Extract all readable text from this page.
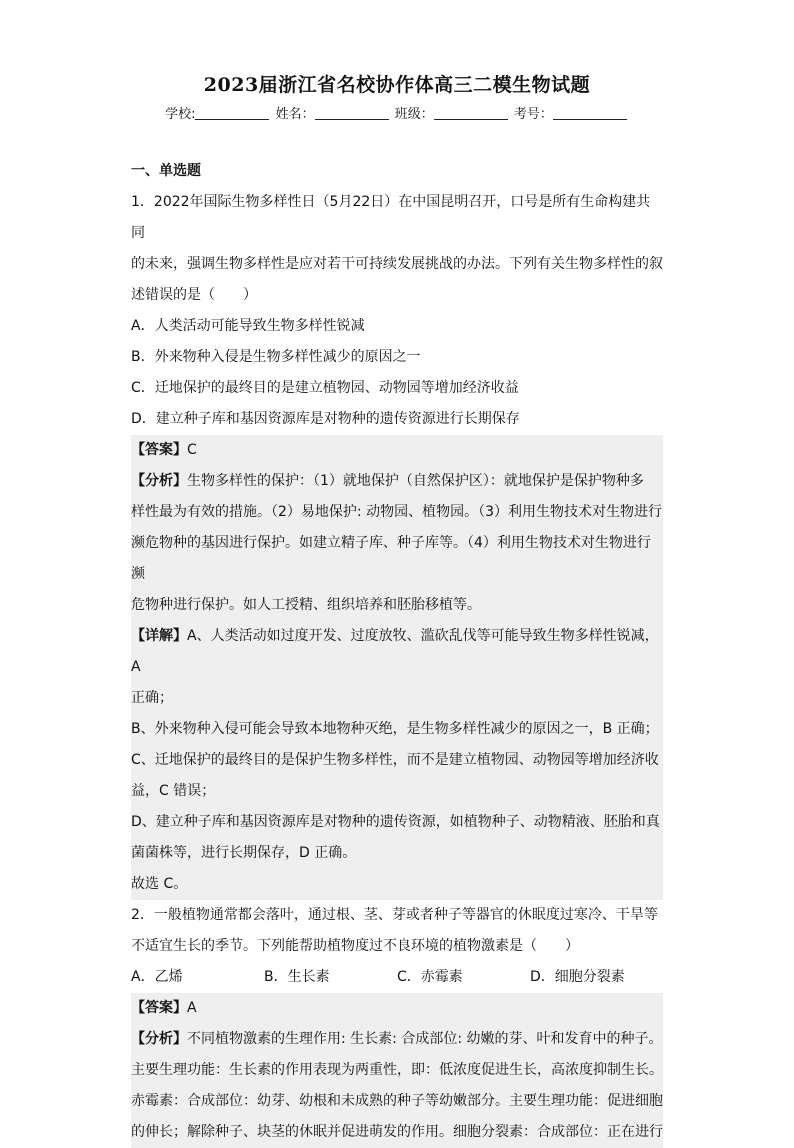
2023届浙江省名校协作体高三二模生物试题
学校:	姓名：	班级：	考号：
一、单选题

1．2022年国际生物多样性日（5月22日）在中国昆明召开，口号是所有生命构建共同

的未来，强调生物多样性是应对若干可持续发展挑战的办法。下列有关生物多样性的叙

述错误的是（　　）

A．人类活动可能导致生物多样性锐减

B．外来物种入侵是生物多样性减少的原因之一

C．迁地保护的最终目的是建立植物园、动物园等增加经济收益

D．建立种子库和基因资源库是对物种的遗传资源进行长期保存

【答案】C

【分析】生物多样性的保护：（1）就地保护（自然保护区）：就地保护是保护物种多

样性最为有效的措施。（2）易地保护: 动物园、植物园。（3）利用生物技术对生物进行

濒危物种的基因进行保护。如建立精子库、种子库等。（4）利用生物技术对生物进行濒

危物种进行保护。如人工授精、组织培养和胚胎移植等。

【详解】A、人类活动如过度开发、过度放牧、滥砍乱伐等可能导致生物多样性锐减，A

正确；

B、外来物种入侵可能会导致本地物种灭绝，是生物多样性减少的原因之一，B 正确；

C、迁地保护的最终目的是保护生物多样性，而不是建立植物园、动物园等增加经济收

益，C 错误；

D、建立种子库和基因资源库是对物种的遗传资源，如植物种子、动物精液、胚胎和真

菌菌株等，进行长期保存，D 正确。

故选 C。

2．一般植物通常都会落叶，通过根、茎、芽或者种子等器官的休眠度过寒冷、干旱等

不适宜生长的季节。下列能帮助植物度过不良环境的植物激素是（　　）

A．乙烯	B．生长素	C．赤霉素	D．细胞分裂素

【答案】A

【分析】不同植物激素的生理作用: 生长素: 合成部位: 幼嫩的芽、叶和发育中的种子。

主要生理功能：生长素的作用表现为两重性，即：低浓度促进生长，高浓度抑制生长。

赤霉素：合成部位：幼芽、幼根和未成熟的种子等幼嫩部分。主要生理功能：促进细胞

的伸长；解除种子、块茎的休眠并促进萌发的作用。细胞分裂素：合成部位：正在进行
